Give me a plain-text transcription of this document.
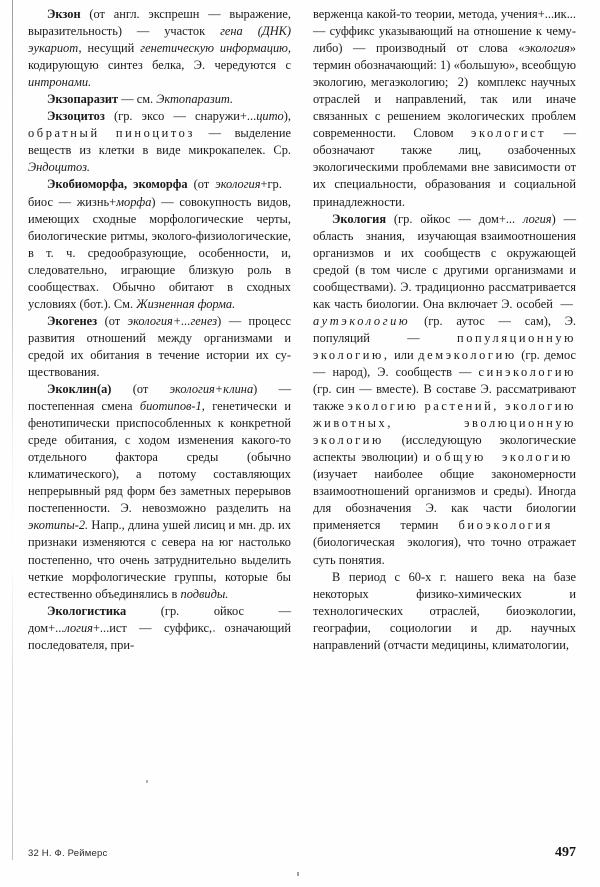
Экзон (от англ. экспрешн — выражение, выразительность) — участок гена (ДНК) эукариот, несущий генетическую информацию, кодирующую синтез белка, Э. чередуются с интронами.

Экзопаразит — см. Эктопаразит.

Экзоцитоз (гр. эксо — снаружи+...цито), обратный пиноцитоз — выделение веществ из клетки в виде микрокапелек. Ср. Эндоцитоз.

Экобиоморфа, экоморфа (от экология+гр.   биос — жизнь+морфа) — совокупность видов, имеющих сходные морфологические черты, биологические ритмы, эколого-физиологические, в т. ч. средообразующие, особенности, и, следовательно, играющие близкую роль в сообществах. Обычно обитают в сходных условиях (бот.). См. Жизненная форма.

Экогенез (от экология+...генез) — процесс развития отношений между организмами и средой их обитания в течение истории их существования.

Экоклин(а) (от экология+клина) — постепенная смена биотипов-1, генетически и фенотипически приспособленных к конкретной среде обитания, с ходом изменения какого-то отдельного фактора среды (обычно климатического), а потому составляющих непрерывный ряд форм без заметных перерывов постепенности. Э. невозможно разделить на экотипы-2. Напр., длина ушей лисиц и мн. др. их признаки изменяются с севера на юг настолько постепенно, что очень затруднительно выделить четкие морфологические группы, которые бы естественно объединялись в подвиды.

Экологистика (гр. ойкос — дом+...логия+...ист — суффикс, означающий последователя, при-

верженца какой-то теории, метода, учения+...ик... — суффикс указывающий на отношение к чему-либо) — производный от слова «экология» термин обозначающий: 1) «большую», всеобщую экологию, мегаэкологию;  2)  комплекс научных отраслей и направлений, так или иначе связанных с решением экологических проблем современности. Словом экологист — обозначают также лиц, озабоченных экологическими проблемами вне зависимости от их специальности, образования и социальной принадлежности.

Экология (гр. ойкос — дом+... логия) — область   знания,   изучающая взаимоотношения организмов и их сообществ с окружающей средой (в том числе с другими организмами и сообществами). Э. традиционно рассматривается как часть биологии. Она включает Э. особей  —  аутэкологию (гр. аутос — сам), Э. популяций — популяционную экологию, или демэкологию (гр. демос — народ), Э. сообществ — синэкологию (гр. син — вместе). В составе Э. рассматривают также экологию растений, экологию животных, эволюционную экологию (исследующую экологические аспекты эволюции) и общую  экологию  (изучает наиболее общие закономерности взаимоотношений организмов и среды). Иногда для обозначения Э. как части биологии применяется термин биоэкология   (биологическая  экология), что точно отражает суть понятия.

В период с 60-х г. нашего века на базе некоторых физико-химических и технологических отраслей, биоэкологии, географии, социологии и др. научных направлений (отчасти медицины, климатологии,

32 Н. Ф. Реймерс	497
